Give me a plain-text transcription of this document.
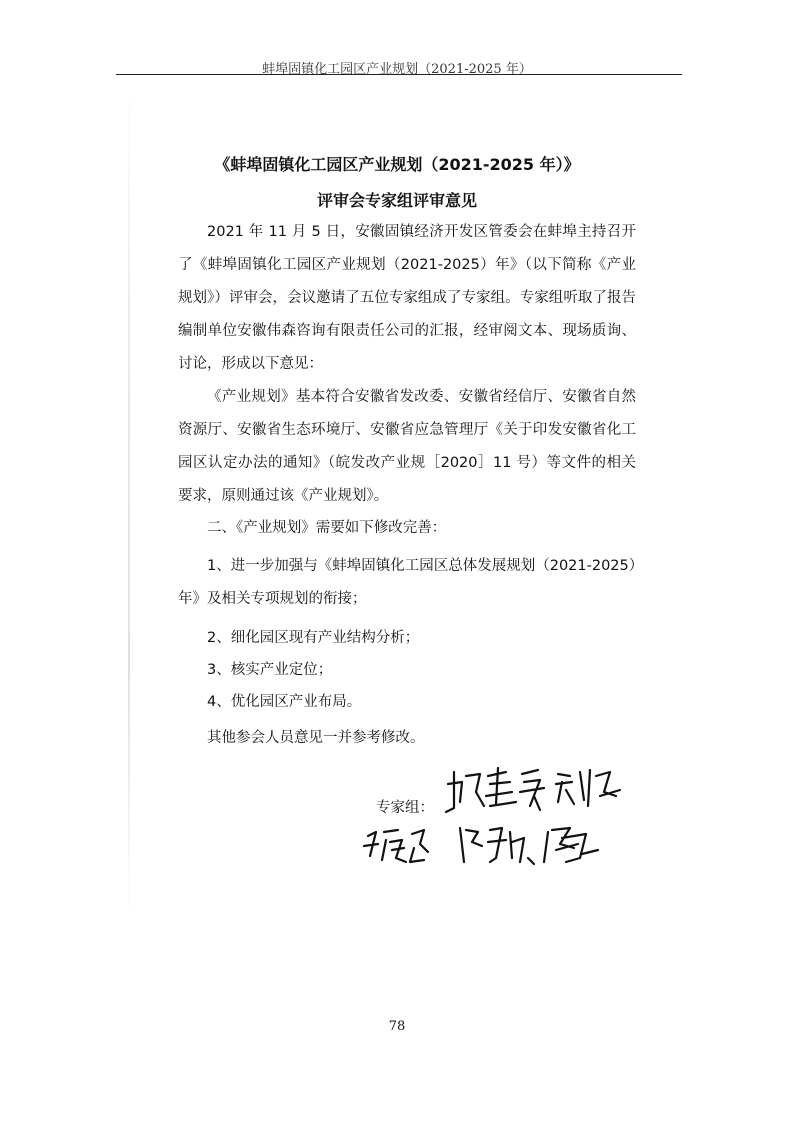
蚌埠固镇化工园区产业规划（2021-2025 年）
《蚌埠固镇化工园区产业规划（2021-2025 年）》
评审会专家组评审意见

2021 年 11 月 5 日，安徽固镇经济开发区管委会在蚌埠主持召开了《蚌埠固镇化工园区产业规划（2021-2025）年》（以下简称《产业规划》）评审会，会议邀请了五位专家组成了专家组。专家组听取了报告编制单位安徽伟森咨询有限责任公司的汇报，经审阅文本、现场质询、讨论，形成以下意见：

《产业规划》基本符合安徽省发改委、安徽省经信厅、安徽省自然资源厅、安徽省生态环境厅、安徽省应急管理厅《关于印发安徽省化工园区认定办法的通知》（皖发改产业规［2020］11 号）等文件的相关要求，原则通过该《产业规划》。

二、《产业规划》需要如下修改完善：

1、进一步加强与《蚌埠固镇化工园区总体发展规划（2021-2025）年》及相关专项规划的衔接；

2、细化园区现有产业结构分析；

3、核实产业定位；

4、优化园区产业布局。

其他参会人员意见一并参考修改。

专家组：
78
